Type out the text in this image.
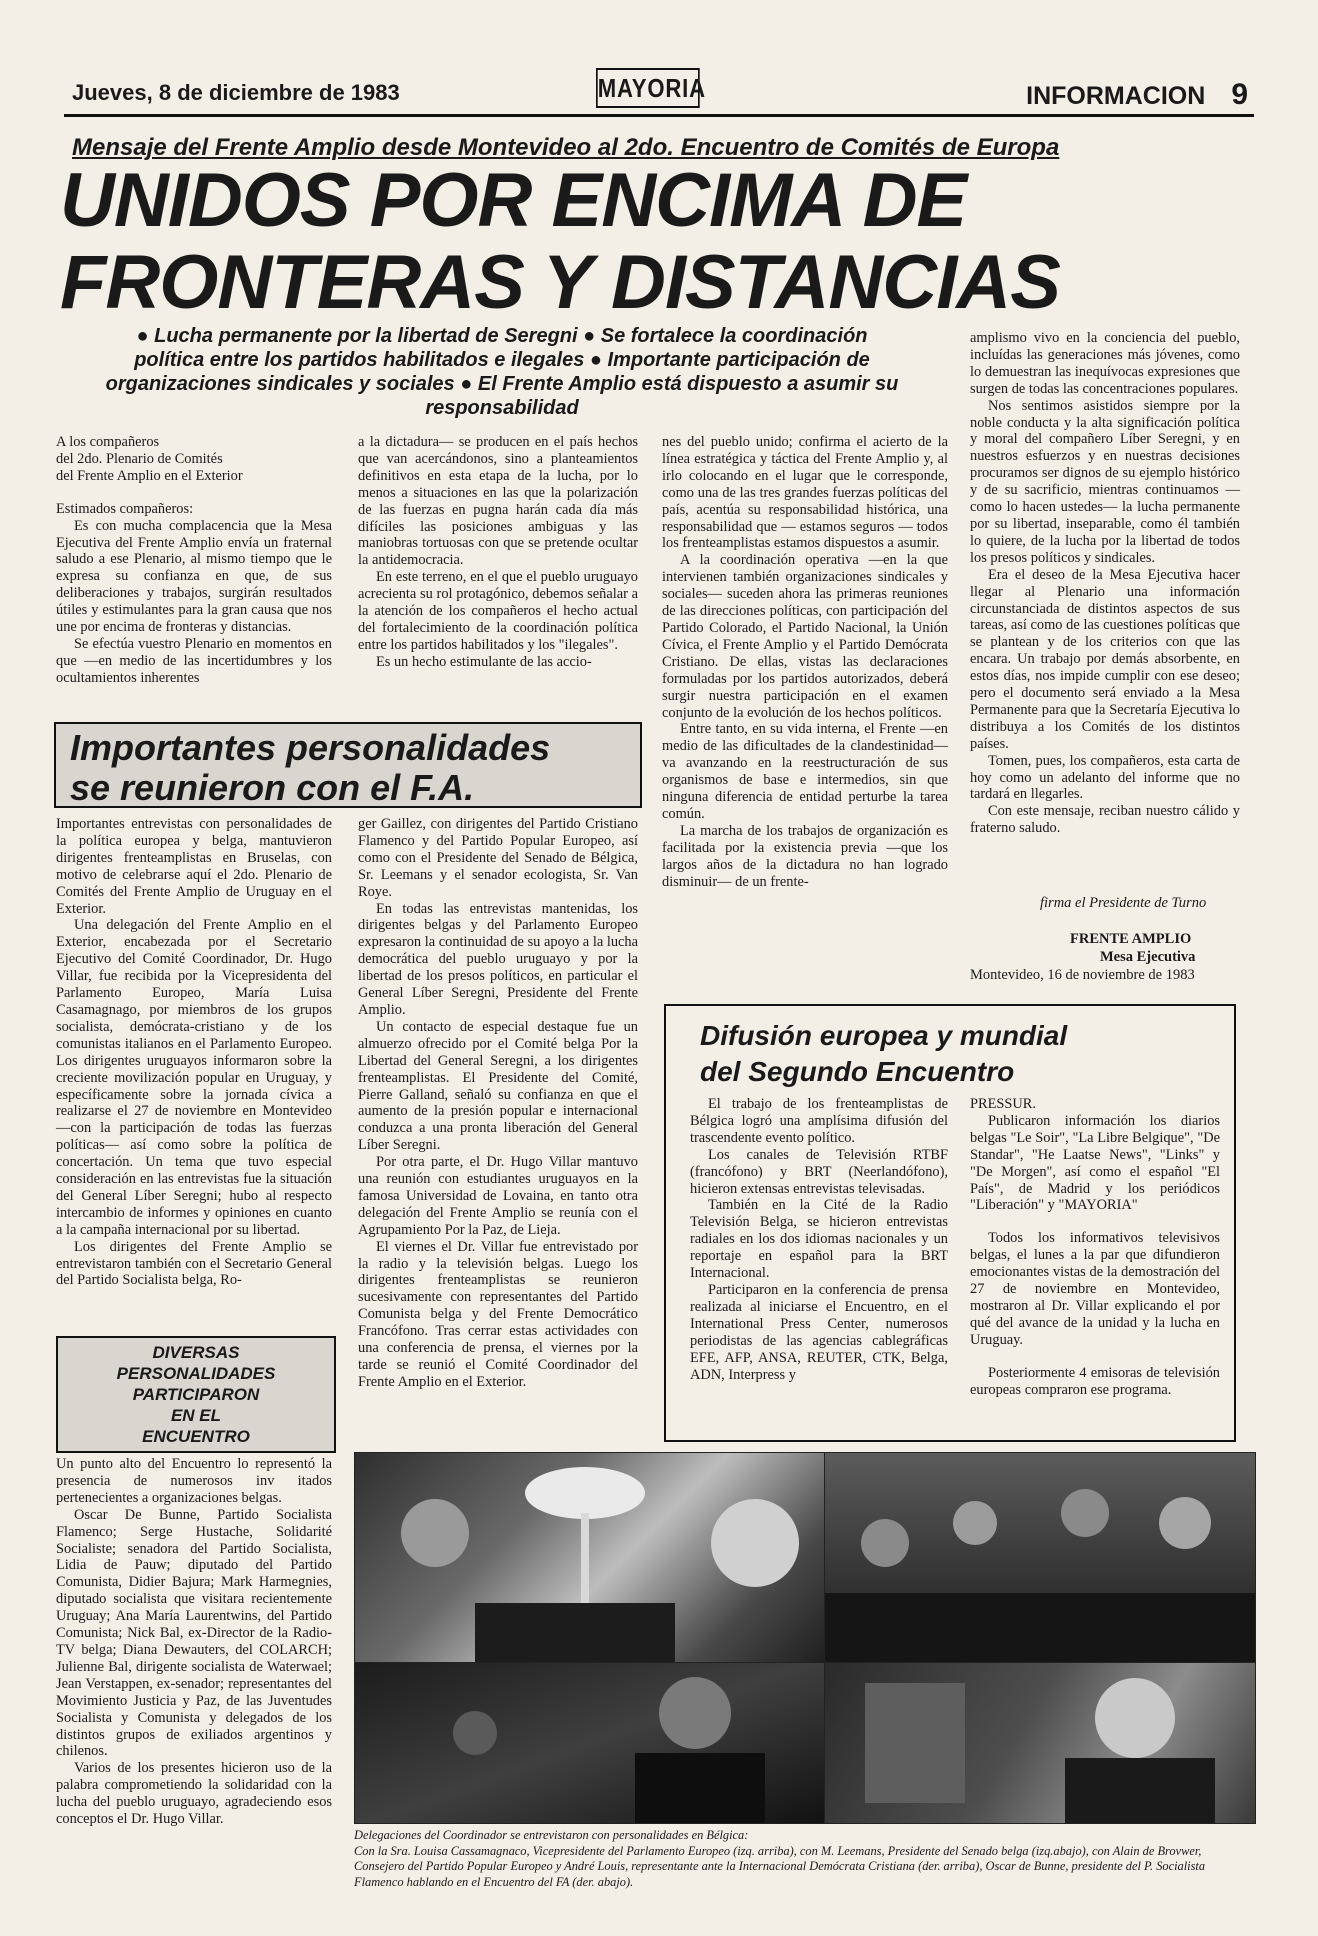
Jueves, 8 de diciembre de 1983	MAYORIA	INFORMACION 9
Mensaje del Frente Amplio desde Montevideo al 2do. Encuentro de Comités de Europa
UNIDOS POR ENCIMA DE
FRONTERAS Y DISTANCIAS
● Lucha permanente por la libertad de Seregni ● Se fortalece la coordinación
política entre los partidos habilitados e ilegales ● Importante participación de
organizaciones sindicales y sociales ● El Frente Amplio está dispuesto a asumir su
responsabilidad

A los compañeros

del 2do. Plenario de Comités

del Frente Amplio en el Exterior

Estimados compañeros:

Es con mucha complacencia que la Mesa Ejecutiva del Frente Amplio envía un fraternal saludo a ese Plenario, al mismo tiempo que le expresa su confianza en que, de sus deliberaciones y trabajos, surgirán resultados útiles y estimulantes para la gran causa que nos une por encima de fronteras y distancias.

Se efectúa vuestro Plenario en momentos en que —en medio de las incertidumbres y los ocultamientos inherentes

a la dictadura— se producen en el país hechos que van acercándonos, sino a planteamientos definitivos en esta etapa de la lucha, por lo menos a situaciones en las que la polarización de las fuerzas en pugna harán cada día más difíciles las posiciones ambiguas y las maniobras tortuosas con que se pretende ocultar la antidemocracia.

En este terreno, en el que el pueblo uruguayo acrecienta su rol protagónico, debemos señalar a la atención de los compañeros el hecho actual del fortalecimiento de la coordinación política entre los partidos habilitados y los "ilegales".

Es un hecho estimulante de las accio-

nes del pueblo unido; confirma el acierto de la línea estratégica y táctica del Frente Amplio y, al irlo colocando en el lugar que le corresponde, como una de las tres grandes fuerzas políticas del país, acentúa su responsabilidad histórica, una responsabilidad que — estamos seguros — todos los frenteamplistas estamos dispuestos a asumir.

A la coordinación operativa —en la que intervienen también organizaciones sindicales y sociales— suceden ahora las primeras reuniones de las direcciones políticas, con participación del Partido Colorado, el Partido Nacional, la Unión Cívica, el Frente Amplio y el Partido Demócrata Cristiano. De ellas, vistas las declaraciones formuladas por los partidos autorizados, deberá surgir nuestra participación en el examen conjunto de la evolución de los hechos políticos.

Entre tanto, en su vida interna, el Frente —en medio de las dificultades de la clandestinidad— va avanzando en la reestructuración de sus organismos de base e intermedios, sin que ninguna diferencia de entidad perturbe la tarea común.

La marcha de los trabajos de organización es facilitada por la existencia previa —que los largos años de la dictadura no han logrado disminuir— de un frente-

amplismo vivo en la conciencia del pueblo, incluídas las generaciones más jóvenes, como lo demuestran las inequívocas expresiones que surgen de todas las concentraciones populares.

Nos sentimos asistidos siempre por la noble conducta y la alta significación política y moral del compañero Líber Seregni, y en nuestros esfuerzos y en nuestras decisiones procuramos ser dignos de su ejemplo histórico y de su sacrificio, mientras continuamos —como lo hacen ustedes— la lucha permanente por su libertad, inseparable, como él también lo quiere, de la lucha por la libertad de todos los presos políticos y sindicales.

Era el deseo de la Mesa Ejecutiva hacer llegar al Plenario una información circunstanciada de distintos aspectos de sus tareas, así como de las cuestiones políticas que se plantean y de los criterios con que las encara. Un trabajo por demás absorbente, en estos días, nos impide cumplir con ese deseo; pero el documento será enviado a la Mesa Permanente para que la Secretaría Ejecutiva lo distribuya a los Comités de los distintos países.

Tomen, pues, los compañeros, esta carta de hoy como un adelanto del informe que no tardará en llegarles.

Con este mensaje, reciban nuestro cálido y fraterno saludo.

firma el Presidente de Turno
FRENTE AMPLIO
Mesa Ejecutiva
Montevideo, 16 de noviembre de 1983
Importantes personalidades
se reunieron con el F.A.

Importantes entrevistas con personalidades de la política europea y belga, mantuvieron dirigentes frenteamplistas en Bruselas, con motivo de celebrarse aquí el 2do. Plenario de Comités del Frente Amplio de Uruguay en el Exterior.

Una delegación del Frente Amplio en el Exterior, encabezada por el Secretario Ejecutivo del Comité Coordinador, Dr. Hugo Villar, fue recibida por la Vicepresidenta del Parlamento Europeo, María Luisa Casamagnago, por miembros de los grupos socialista, demócrata-cristiano y de los comunistas italianos en el Parlamento Europeo. Los dirigentes uruguayos informaron sobre la creciente movilización popular en Uruguay, y específicamente sobre la jornada cívica a realizarse el 27 de noviembre en Montevideo —con la participación de todas las fuerzas políticas— así como sobre la política de concertación. Un tema que tuvo especial consideración en las entrevistas fue la situación del General Líber Seregni; hubo al respecto intercambio de informes y opiniones en cuanto a la campaña internacional por su libertad.

Los dirigentes del Frente Amplio se entrevistaron también con el Secretario General del Partido Socialista belga, Ro-

ger Gaillez, con dirigentes del Partido Cristiano Flamenco y del Partido Popular Europeo, así como con el Presidente del Senado de Bélgica, Sr. Leemans y el senador ecologista, Sr. Van Roye.

En todas las entrevistas mantenidas, los dirigentes belgas y del Parlamento Europeo expresaron la continuidad de su apoyo a la lucha democrática del pueblo uruguayo y por la libertad de los presos políticos, en particular el General Líber Seregni, Presidente del Frente Amplio.

Un contacto de especial destaque fue un almuerzo ofrecido por el Comité belga Por la Libertad del General Seregni, a los dirigentes frenteamplistas. El Presidente del Comité, Pierre Galland, señaló su confianza en que el aumento de la presión popular e internacional conduzca a una pronta liberación del General Líber Seregni.

Por otra parte, el Dr. Hugo Villar mantuvo una reunión con estudiantes uruguayos en la famosa Universidad de Lovaina, en tanto otra delegación del Frente Amplio se reunía con el Agrupamiento Por la Paz, de Lieja.

El viernes el Dr. Villar fue entrevistado por la radio y la televisión belgas. Luego los dirigentes frenteamplistas se reunieron sucesivamente con representantes del Partido Comunista belga y del Frente Democrático Francófono. Tras cerrar estas actividades con una conferencia de prensa, el viernes por la tarde se reunió el Comité Coordinador del Frente Amplio en el Exterior.

DIVERSAS
PERSONALIDADES
PARTICIPARON
EN EL
ENCUENTRO

Un punto alto del Encuentro lo representó la presencia de numerosos inv itados pertenecientes a organizaciones belgas.

Oscar De Bunne, Partido Socialista Flamenco; Serge Hustache, Solidarité Socialiste; senadora del Partido Socialista, Lidia de Pauw; diputado del Partido Comunista, Didier Bajura; Mark Harmegnies, diputado socialista que visitara recientemente Uruguay; Ana María Laurentwins, del Partido Comunista; Nick Bal, ex-Director de la Radio-TV belga; Diana Dewauters, del COLARCH; Julienne Bal, dirigente socialista de Waterwael; Jean Verstappen, ex-senador; representantes del Movimiento Justicia y Paz, de las Juventudes Socialista y Comunista y delegados de los distintos grupos de exiliados argentinos y chilenos.

Varios de los presentes hicieron uso de la palabra comprometiendo la solidaridad con la lucha del pueblo uruguayo, agradeciendo esos conceptos el Dr. Hugo Villar.

Difusión europea y mundial
del Segundo Encuentro

El trabajo de los frenteamplistas de Bélgica logró una amplísima difusión del trascendente evento político.

Los canales de Televisión RTBF (francófono) y BRT (Neerlandófono), hicieron extensas entrevistas televisadas.

También en la Cité de la Radio Televisión Belga, se hicieron entrevistas radiales en los dos idiomas nacionales y un reportaje en español para la BRT Internacional.

Participaron en la conferencia de prensa realizada al iniciarse el Encuentro, en el International Press Center, numerosos periodistas de las agencias cablegráficas EFE, AFP, ANSA, REUTER, CTK, Belga, ADN, Interpress y

PRESSUR.

Publicaron información los diarios belgas "Le Soir", "La Libre Belgique", "De Standar", "He Laatse News", "Links" y "De Morgen", así como el español "El País", de Madrid y los periódicos "Liberación" y "MAYORIA"

Todos los informativos televisivos belgas, el lunes a la par que difundieron emocionantes vistas de la demostración del 27 de noviembre en Montevideo, mostraron al Dr. Villar explicando el por qué del avance de la unidad y la lucha en Uruguay.

Posteriormente 4 emisoras de televisión europeas compraron ese programa.

Delegaciones del Coordinador se entrevistaron con personalidades en Bélgica:
Con la Sra. Louisa Cassamagnaco, Vicepresidente del Parlamento Europeo (izq. arriba), con M. Leemans, Presidente del Senado belga (izq.abajo), con Alain de Brovwer, Consejero del Partido Popular Europeo y André Louis, representante ante la Internacional Demócrata Cristiana (der. arriba), Oscar de Bunne, presidente del P. Socialista Flamenco hablando en el Encuentro del FA (der. abajo).
